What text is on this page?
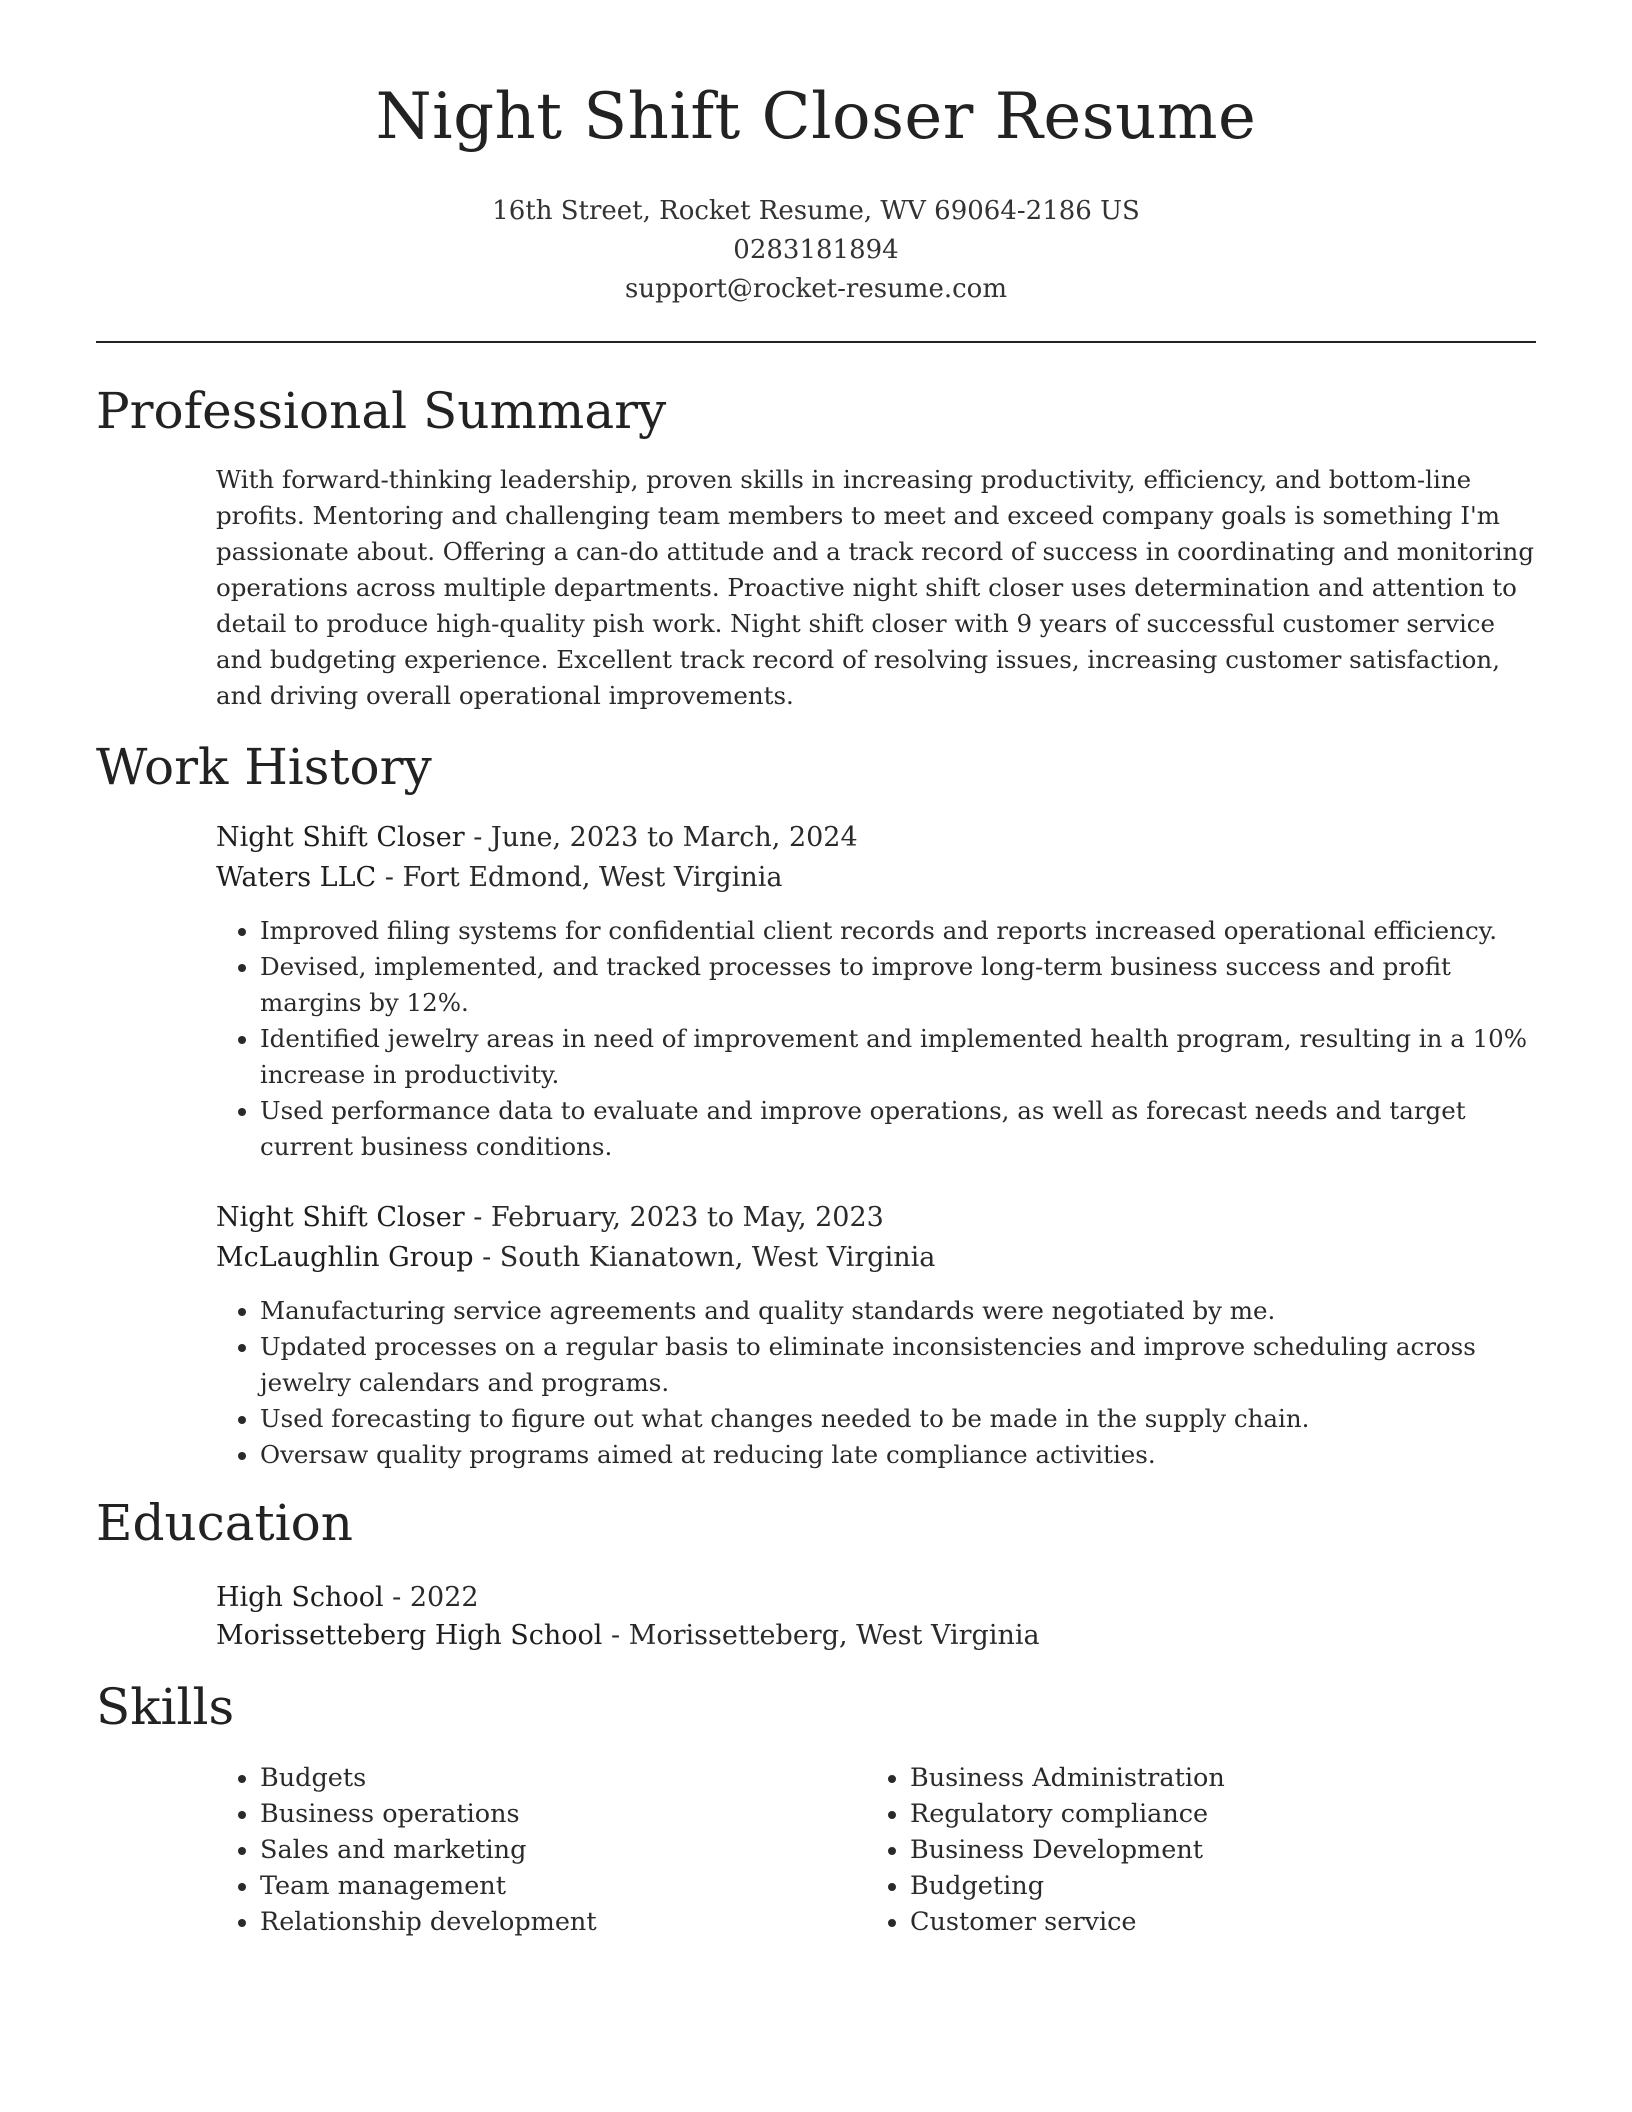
Night Shift Closer Resume
16th Street, Rocket Resume, WV 69064-2186 US
0283181894
support@rocket-resume.com
Professional Summary

With forward-thinking leadership, proven skills in increasing productivity, efficiency, and bottom-line profits. Mentoring and challenging team members to meet and exceed company goals is something I'm passionate about. Offering a can-do attitude and a track record of success in coordinating and monitoring operations across multiple departments. Proactive night shift closer uses determination and attention to detail to produce high-quality pish work. Night shift closer with 9 years of successful customer service and budgeting experience. Excellent track record of resolving issues, increasing customer satisfaction, and driving overall operational improvements.

Work History
Night Shift Closer - June, 2023 to March, 2024
Waters LLC - Fort Edmond, West Virginia
• Improved filing systems for confidential client records and reports increased operational efficiency.
• Devised, implemented, and tracked processes to improve long-term business success and profit margins by 12%.
• Identified jewelry areas in need of improvement and implemented health program, resulting in a 10% increase in productivity.
• Used performance data to evaluate and improve operations, as well as forecast needs and target current business conditions.
Night Shift Closer - February, 2023 to May, 2023
McLaughlin Group - South Kianatown, West Virginia
• Manufacturing service agreements and quality standards were negotiated by me.
• Updated processes on a regular basis to eliminate inconsistencies and improve scheduling across jewelry calendars and programs.
• Used forecasting to figure out what changes needed to be made in the supply chain.
• Oversaw quality programs aimed at reducing late compliance activities.
Education
High School - 2022
Morissetteberg High School - Morissetteberg, West Virginia
Skills
• Budgets
• Business operations
• Sales and marketing
• Team management
• Relationship development
• Business Administration
• Regulatory compliance
• Business Development
• Budgeting
• Customer service
